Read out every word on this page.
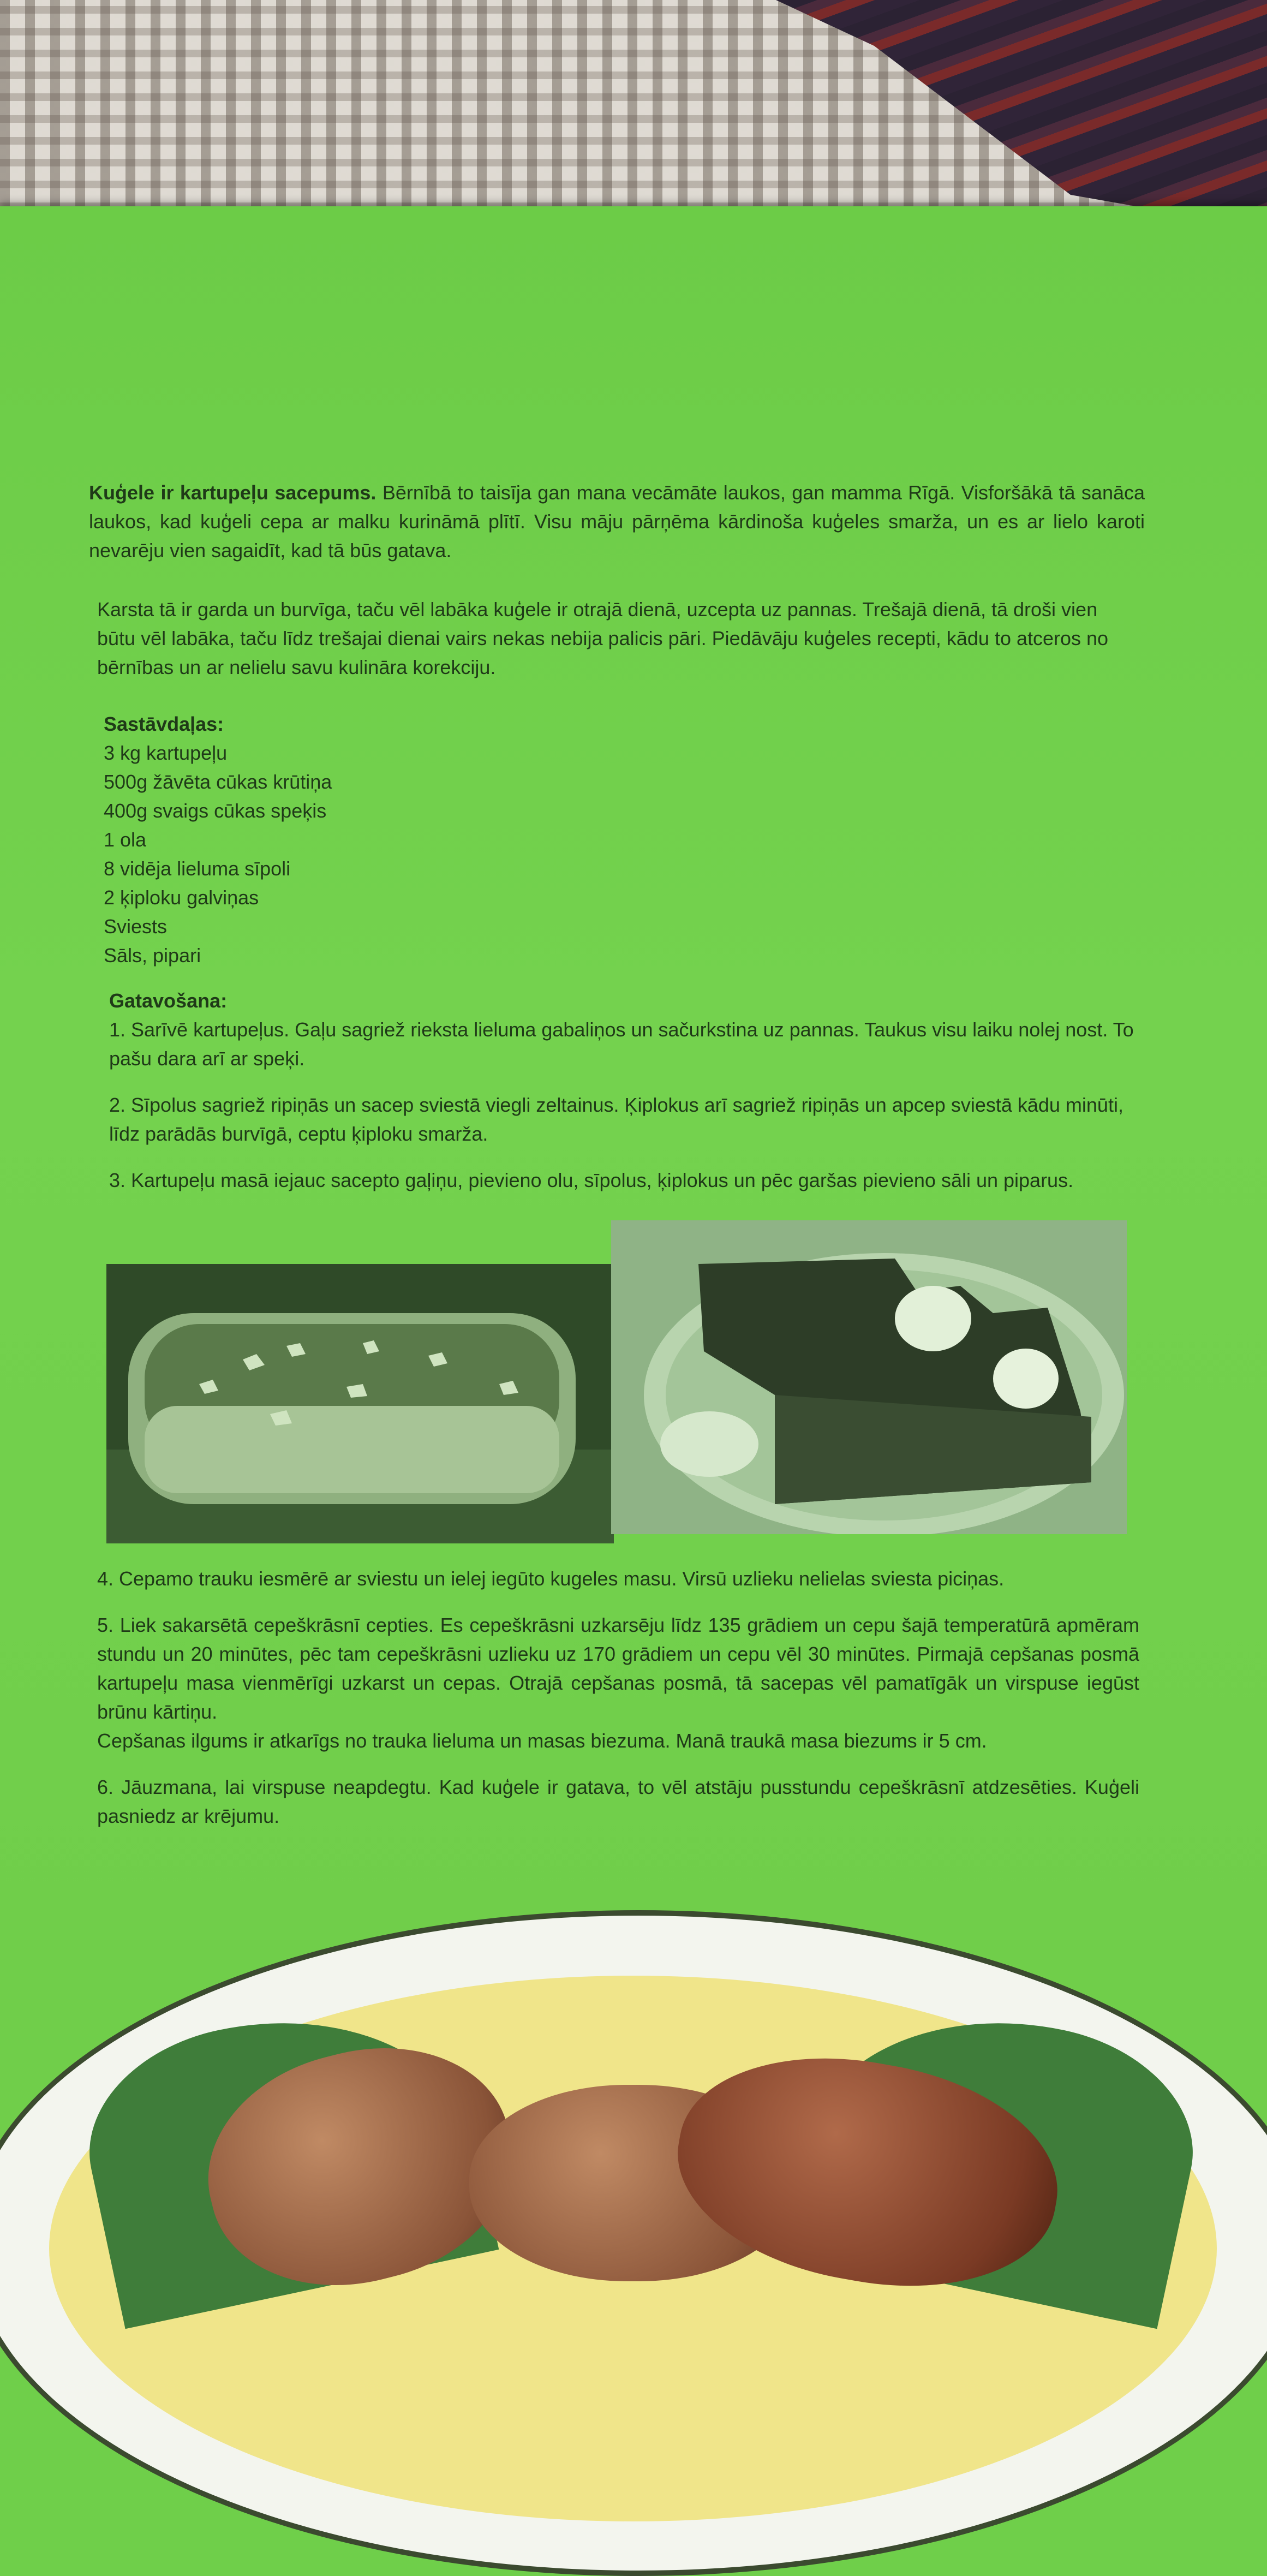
Kuģele ir kartupeļu sacepums. Bērnībā to taisīja gan mana vecāmāte laukos, gan mamma Rīgā. Visforšākā tā sanāca laukos, kad kuģeli cepa ar malku kurināmā plītī. Visu māju pārņēma kārdinoša kuģeles smarža, un es ar lielo karoti nevarēju vien sagaidīt, kad tā būs gatava.
Karsta tā ir garda un burvīga, taču vēl labāka kuģele ir otrajā dienā, uzcepta uz pannas. Trešajā dienā, tā droši vien būtu vēl labāka, taču līdz trešajai dienai vairs nekas nebija palicis pāri. Piedāvāju kuģeles recepti, kādu to atceros no bērnības un ar nelielu savu kulināra korekciju.
Sastāvdaļas:
3 kg kartupeļu
500g žāvēta cūkas krūtiņa
400g svaigs cūkas speķis
1 ola
8 vidēja lieluma sīpoli
2 ķiploku galviņas
Sviests
Sāls, pipari
Gatavošana:

1. Sarīvē kartupeļus. Gaļu sagriež rieksta lieluma gabaliņos un sačurkstina uz pannas. Taukus visu laiku nolej nost. To pašu dara arī ar speķi.

2. Sīpolus sagriež ripiņās un sacep sviestā viegli zeltainus. Ķiplokus arī sagriež ripiņās un apcep sviestā kādu minūti, līdz parādās burvīgā, ceptu ķiploku smarža.

3. Kartupeļu masā iejauc sacepto gaļiņu, pievieno olu, sīpolus, ķiplokus un pēc garšas pievieno sāli un piparus.

4. Cepamo trauku iesmērē ar sviestu un ielej iegūto kugeles masu. Virsū uzlieku nelielas sviesta piciņas.

5. Liek sakarsētā cepeškrāsnī cepties. Es cepeškrāsni uzkarsēju līdz 135 grādiem un cepu šajā temperatūrā apmēram stundu un 20 minūtes, pēc tam cepeškrāsni uzlieku uz 170 grādiem un cepu vēl 30 minūtes. Pirmajā cepšanas posmā kartupeļu masa vienmērīgi uzkarst un cepas. Otrajā cepšanas posmā, tā sacepas vēl pamatīgāk un virspuse iegūst brūnu kārtiņu.

Cepšanas ilgums ir atkarīgs no trauka lieluma un masas biezuma. Manā traukā masa biezums ir 5 cm.

6. Jāuzmana, lai virspuse neapdegtu. Kad kuģele ir gatava, to vēl atstāju pusstundu cepeškrāsnī atdzesēties. Kuģeli pasniedz ar krējumu.
